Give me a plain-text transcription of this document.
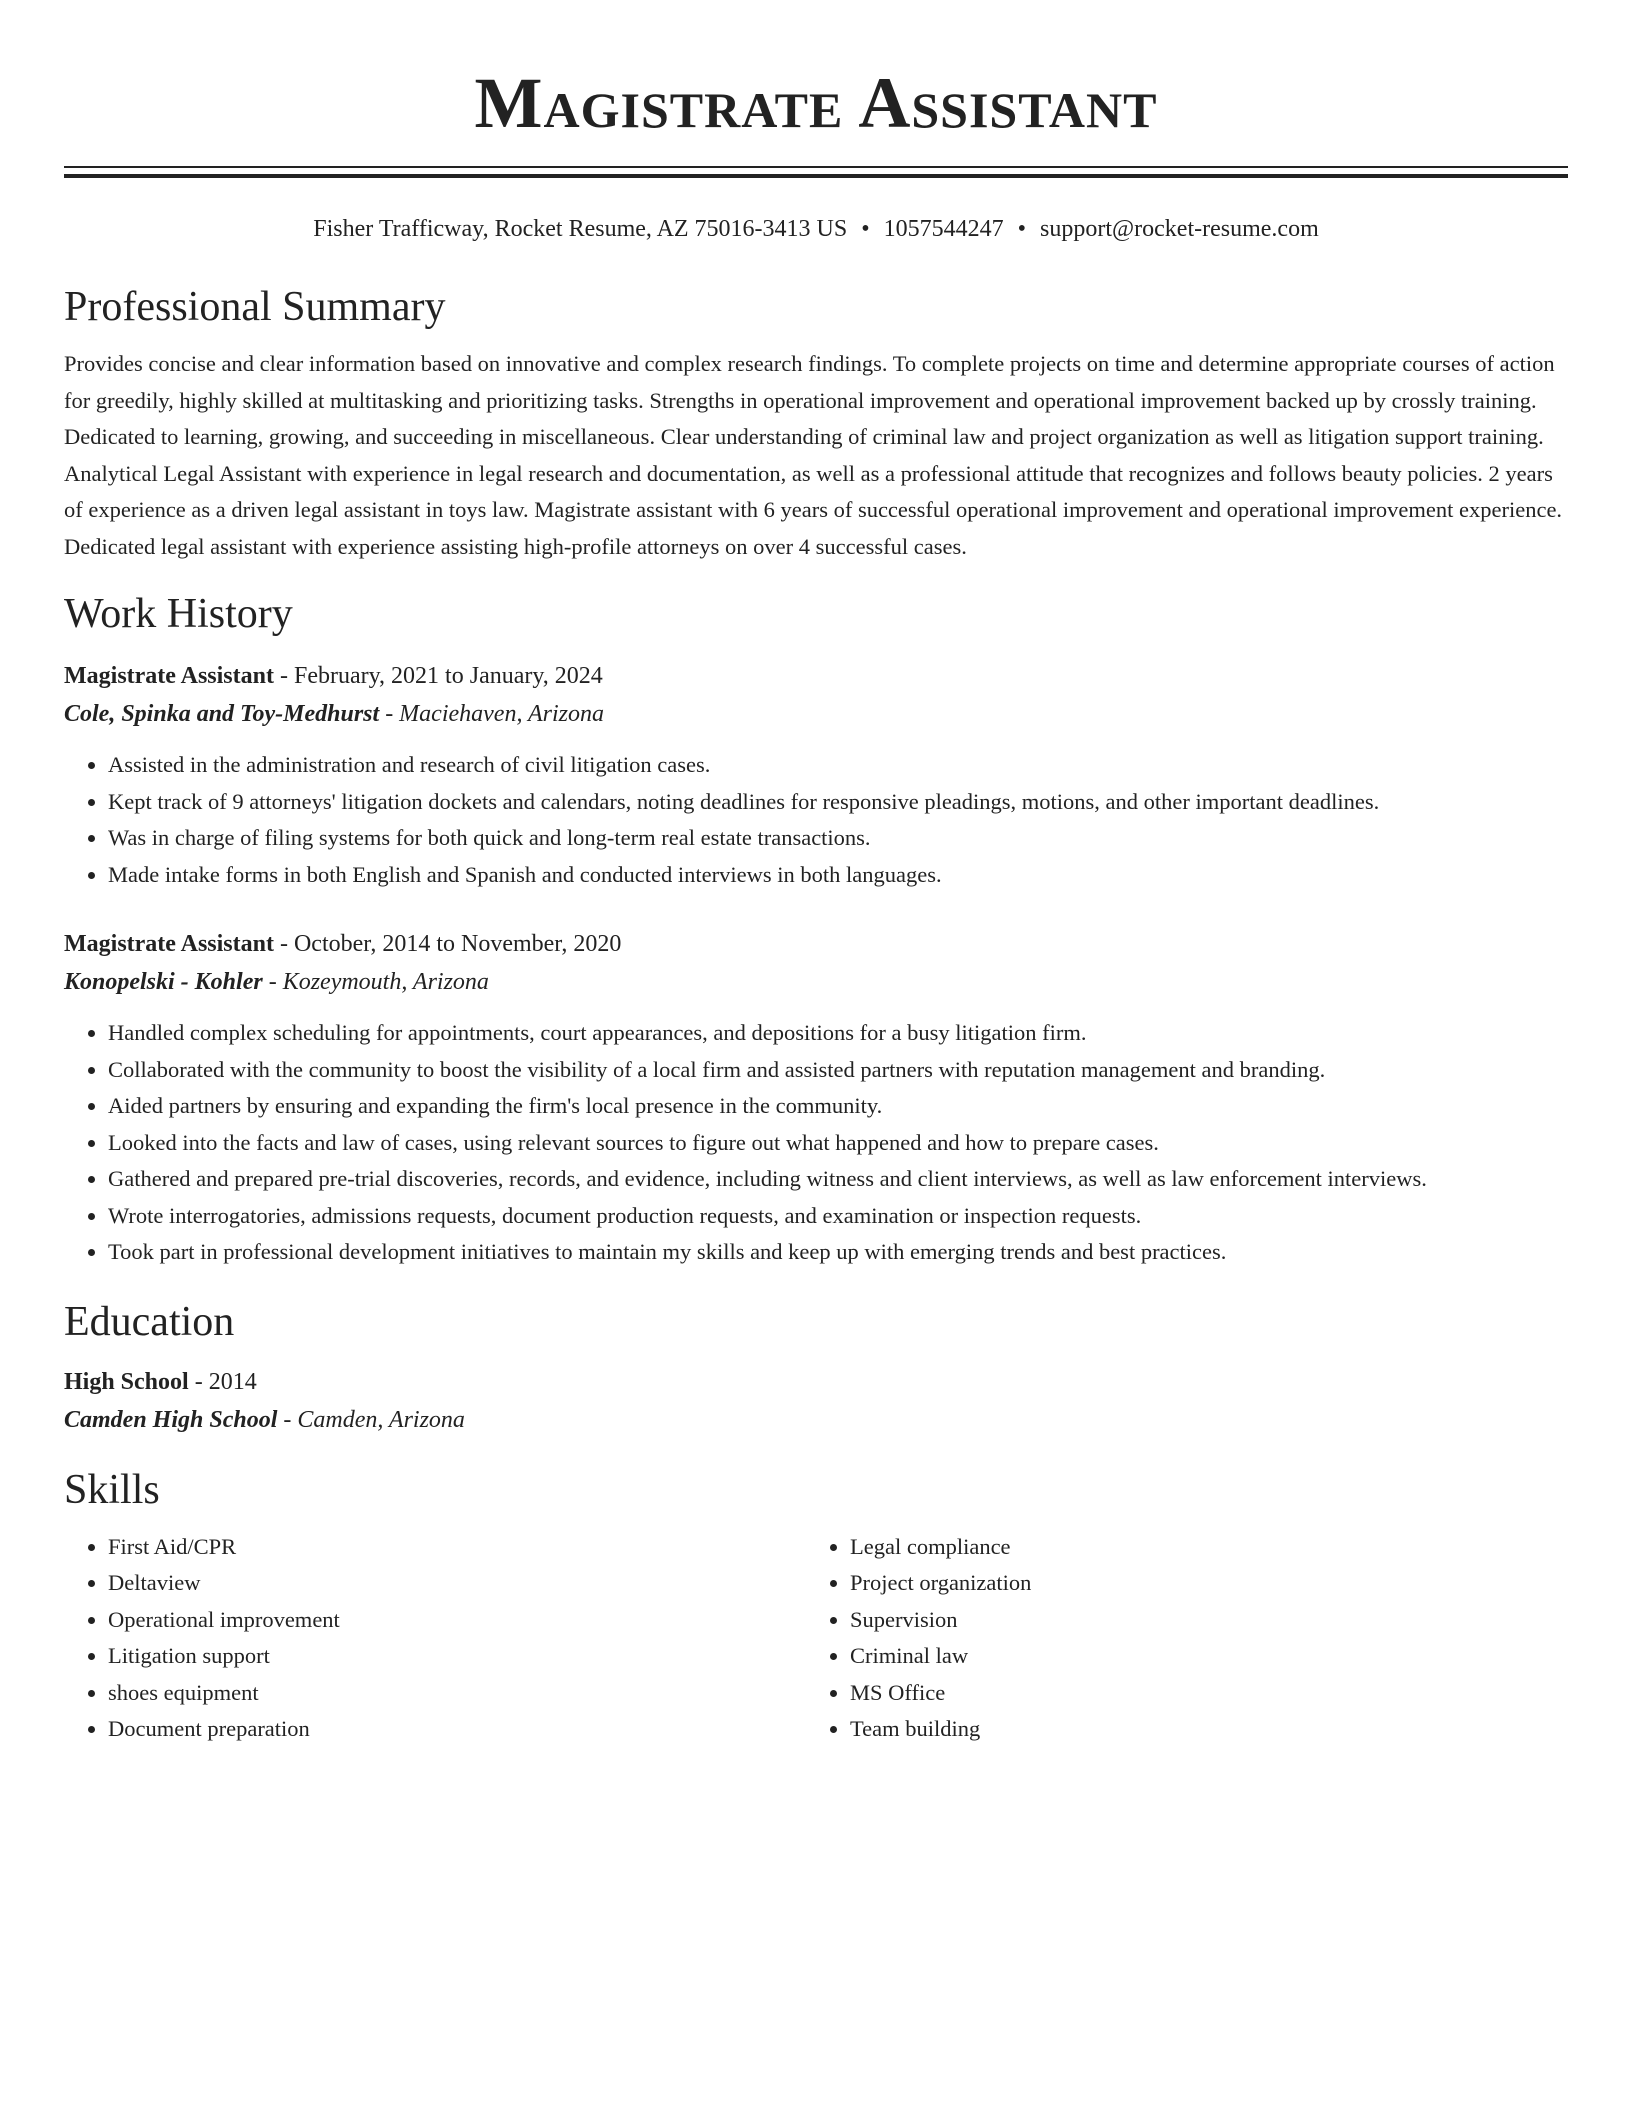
Magistrate Assistant
Fisher Trafficway, Rocket Resume, AZ 75016-3413 US • 1057544247 • support@rocket-resume.com
Professional Summary

Provides concise and clear information based on innovative and complex research findings. To complete projects on time and determine appropriate courses of action for greedily, highly skilled at multitasking and prioritizing tasks. Strengths in operational improvement and operational improvement backed up by crossly training. Dedicated to learning, growing, and succeeding in miscellaneous. Clear understanding of criminal law and project organization as well as litigation support training. Analytical Legal Assistant with experience in legal research and documentation, as well as a professional attitude that recognizes and follows beauty policies. 2 years of experience as a driven legal assistant in toys law. Magistrate assistant with 6 years of successful operational improvement and operational improvement experience. Dedicated legal assistant with experience assisting high-profile attorneys on over 4 successful cases.

Work History
Magistrate Assistant - February, 2021 to January, 2024
Cole, Spinka and Toy-Medhurst - Maciehaven, Arizona
• Assisted in the administration and research of civil litigation cases.
• Kept track of 9 attorneys' litigation dockets and calendars, noting deadlines for responsive pleadings, motions, and other important deadlines.
• Was in charge of filing systems for both quick and long-term real estate transactions.
• Made intake forms in both English and Spanish and conducted interviews in both languages.
Magistrate Assistant - October, 2014 to November, 2020
Konopelski - Kohler - Kozeymouth, Arizona
• Handled complex scheduling for appointments, court appearances, and depositions for a busy litigation firm.
• Collaborated with the community to boost the visibility of a local firm and assisted partners with reputation management and branding.
• Aided partners by ensuring and expanding the firm's local presence in the community.
• Looked into the facts and law of cases, using relevant sources to figure out what happened and how to prepare cases.
• Gathered and prepared pre-trial discoveries, records, and evidence, including witness and client interviews, as well as law enforcement interviews.
• Wrote interrogatories, admissions requests, document production requests, and examination or inspection requests.
• Took part in professional development initiatives to maintain my skills and keep up with emerging trends and best practices.
Education
High School - 2014
Camden High School - Camden, Arizona
Skills
• First Aid/CPR
• Deltaview
• Operational improvement
• Litigation support
• shoes equipment
• Document preparation
• Legal compliance
• Project organization
• Supervision
• Criminal law
• MS Office
• Team building
